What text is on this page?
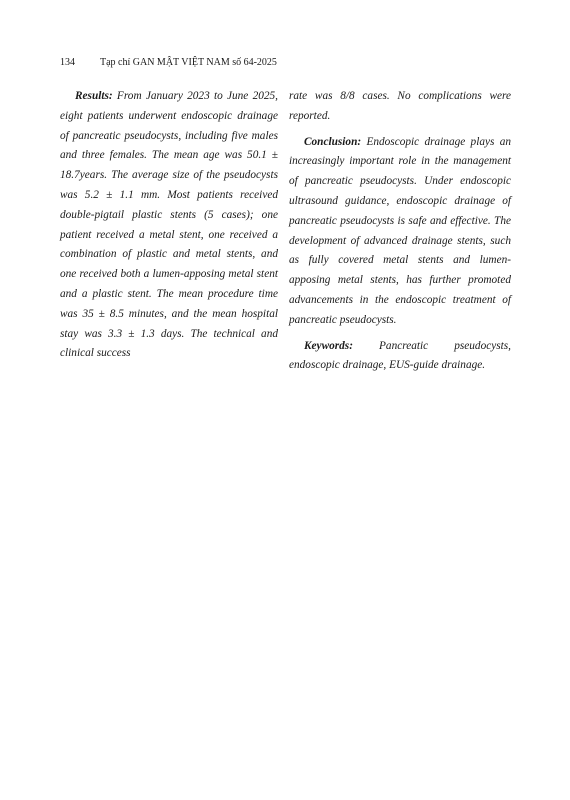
134	Tạp chí GAN MẬT VIỆT NAM số 64-2025

Results: From January 2023 to June 2025, eight patients underwent endoscopic drainage of pancreatic pseudocysts, including five males and three females. The mean age was 50.1 ± 18.7years. The average size of the pseudocysts was 5.2 ± 1.1 mm. Most patients received double-pigtail plastic stents (5 cases); one patient received a metal stent, one received a combination of plastic and metal stents, and one received both a lumen-apposing metal stent and a plastic stent. The mean procedure time was 35 ± 8.5 minutes, and the mean hospital stay was 3.3 ± 1.3 days. The technical and clinical success

rate was 8/8 cases. No complications were reported.

Conclusion: Endoscopic drainage plays an increasingly important role in the management of pancreatic pseudocysts. Under endoscopic ultrasound guidance, endoscopic drainage of pancreatic pseudocysts is safe and effective. The development of advanced drainage stents, such as fully covered metal stents and lumen-apposing metal stents, has further promoted advancements in the endoscopic treatment of pancreatic pseudocysts.

Keywords: Pancreatic pseudocysts, endoscopic drainage, EUS-guide drainage.
